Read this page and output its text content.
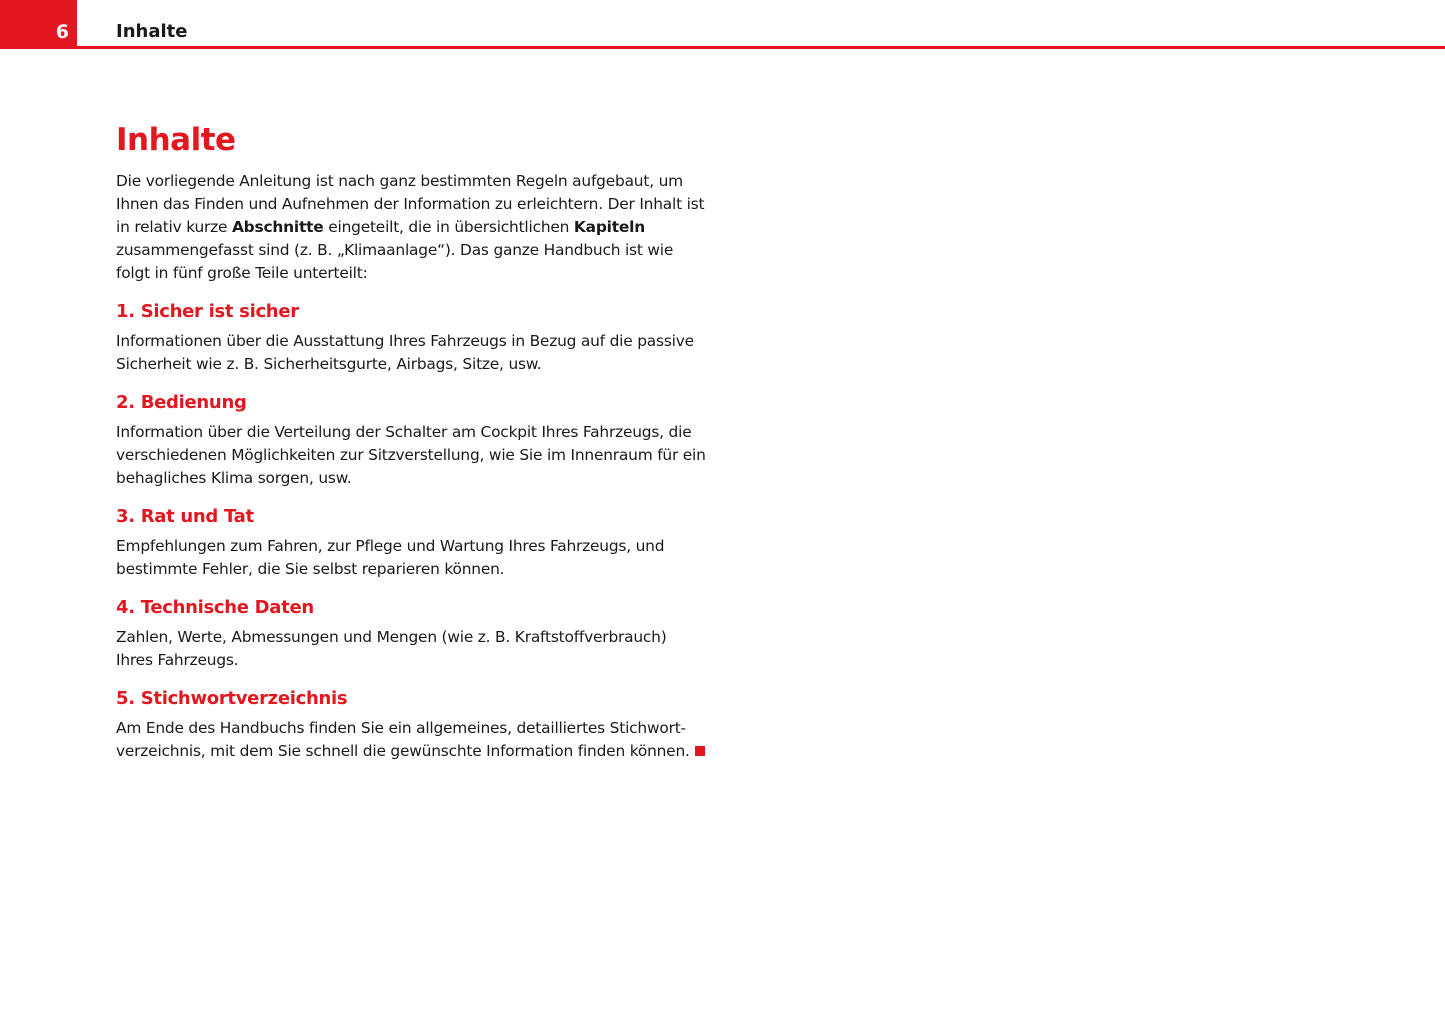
6	Inhalte
Inhalte

Die vorliegende Anleitung ist nach ganz bestimmten Regeln aufgebaut, um Ihnen das Finden und Aufnehmen der Information zu erleichtern. Der Inhalt ist in relativ kurze Abschnitte eingeteilt, die in übersichtlichen Kapiteln zusammengefasst sind (z. B. „Klimaanlage“). Das ganze Handbuch ist wie folgt in fünf große Teile unterteilt:

1. Sicher ist sicher

Informationen über die Ausstattung Ihres Fahrzeugs in Bezug auf die passive Sicherheit wie z. B. Sicherheitsgurte, Airbags, Sitze, usw.

2. Bedienung

Information über die Verteilung der Schalter am Cockpit Ihres Fahrzeugs, die verschiedenen Möglichkeiten zur Sitzverstellung, wie Sie im Innenraum für ein behagliches Klima sorgen, usw.

3. Rat und Tat

Empfehlungen zum Fahren, zur Pflege und Wartung Ihres Fahrzeugs, und bestimmte Fehler, die Sie selbst reparieren können.

4. Technische Daten

Zahlen, Werte, Abmessungen und Mengen (wie z. B. Kraftstoffverbrauch) Ihres Fahrzeugs.

5. Stichwortverzeichnis

Am Ende des Handbuchs finden Sie ein allgemeines, detailliertes Stichwort-verzeichnis, mit dem Sie schnell die gewünschte Information finden können.
